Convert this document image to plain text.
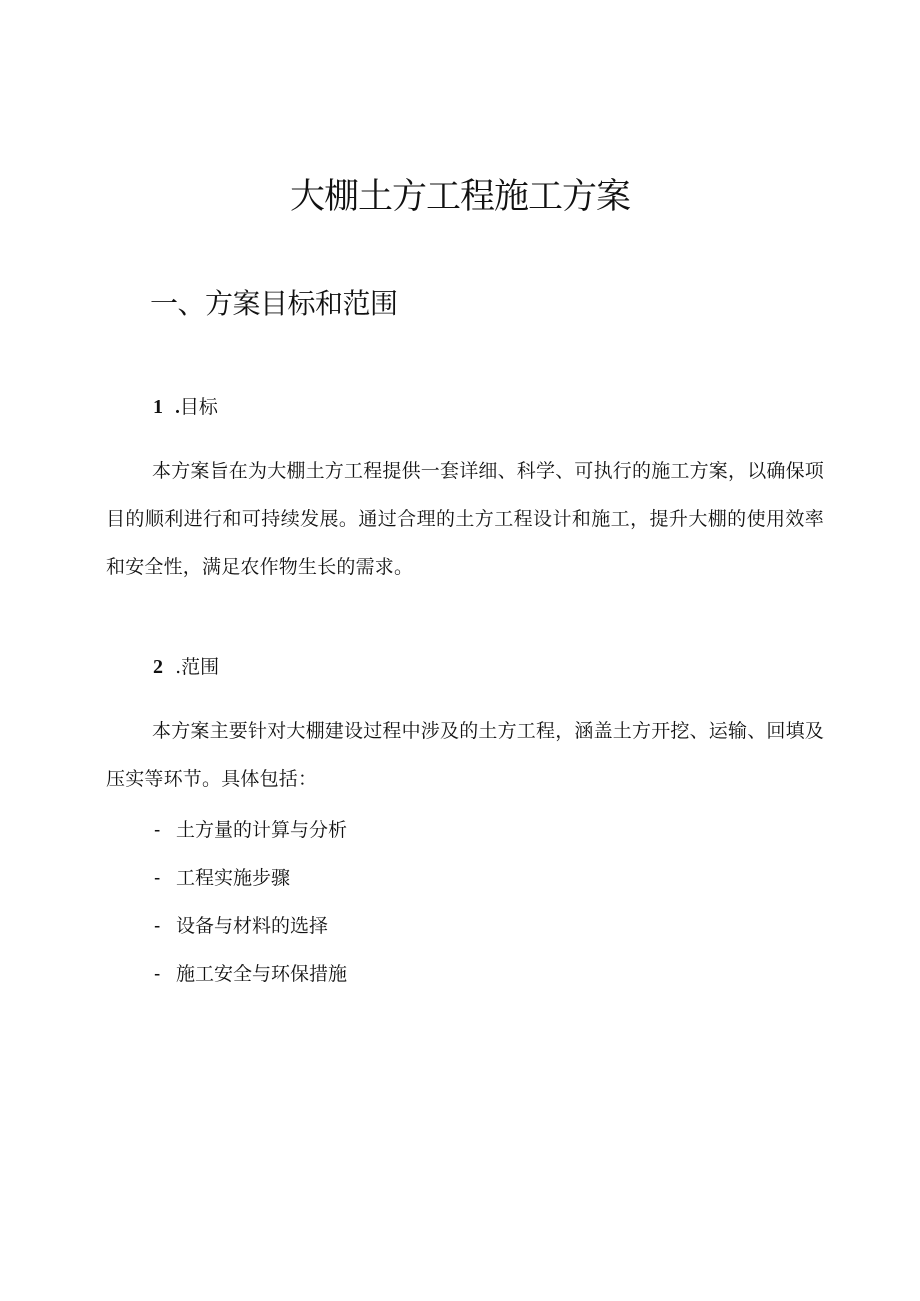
大棚土方工程施工方案
一、方案目标和范围
1 .目标

本方案旨在为大棚土方工程提供一套详细、科学、可执行的施工方案，以确保项目的顺利进行和可持续发展。通过合理的土方工程设计和施工，提升大棚的使用效率和安全性，满足农作物生长的需求。

2 .范围

本方案主要针对大棚建设过程中涉及的土方工程，涵盖土方开挖、运输、回填及压实等环节。具体包括：

- 土方量的计算与分析
- 工程实施步骤
- 设备与材料的选择
- 施工安全与环保措施
